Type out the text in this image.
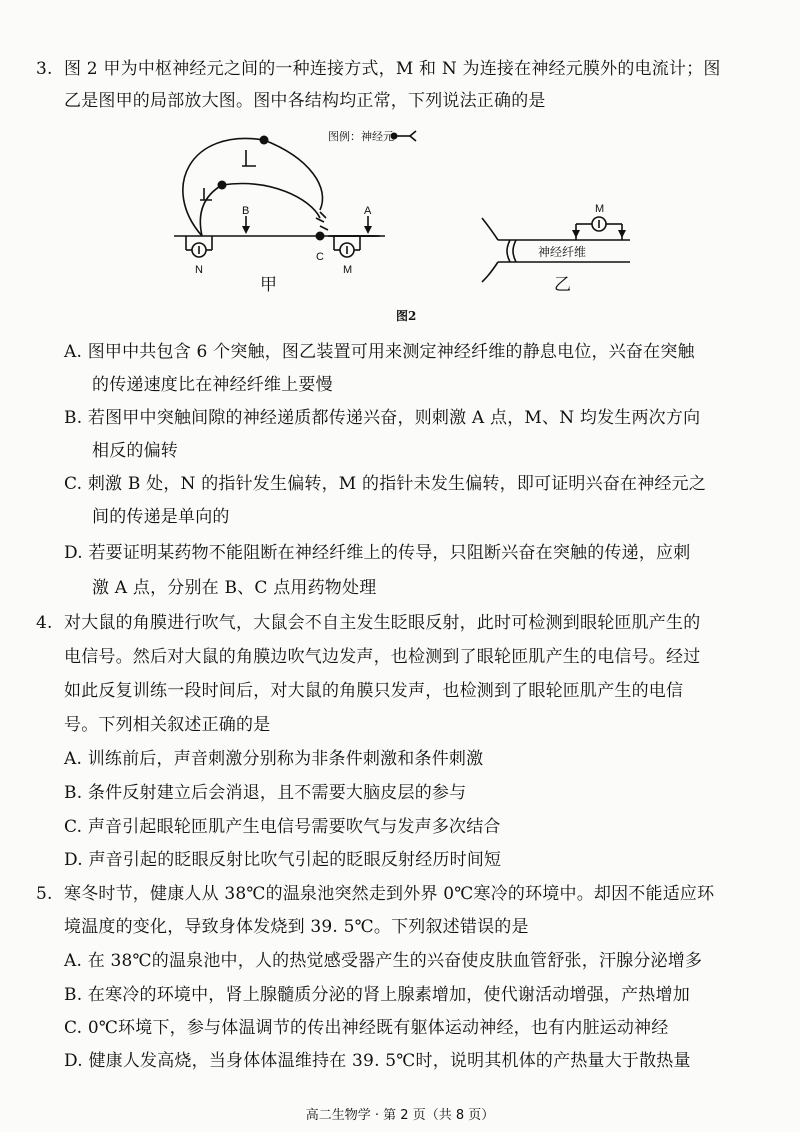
3. 图 2 甲为中枢神经元之间的一种连接方式，M 和 N 为连接在神经元膜外的电流计；图
乙是图甲的局部放大图。图中各结构均正常，下列说法正确的是
图例：神经元
B	A
C
N	M
M
神经纤维
甲	乙
图2
A. 图甲中共包含 6 个突触，图乙装置可用来测定神经纤维的静息电位，兴奋在突触
的传递速度比在神经纤维上要慢
B. 若图甲中突触间隙的神经递质都传递兴奋，则刺激 A 点，M、N 均发生两次方向
相反的偏转
C. 刺激 B 处，N 的指针发生偏转，M 的指针未发生偏转，即可证明兴奋在神经元之
间的传递是单向的
D. 若要证明某药物不能阻断在神经纤维上的传导，只阻断兴奋在突触的传递，应刺
激 A 点，分别在 B、C 点用药物处理
4. 对大鼠的角膜进行吹气，大鼠会不自主发生眨眼反射，此时可检测到眼轮匝肌产生的
电信号。然后对大鼠的角膜边吹气边发声，也检测到了眼轮匝肌产生的电信号。经过
如此反复训练一段时间后，对大鼠的角膜只发声，也检测到了眼轮匝肌产生的电信
号。下列相关叙述正确的是
A. 训练前后，声音刺激分别称为非条件刺激和条件刺激
B. 条件反射建立后会消退，且不需要大脑皮层的参与
C. 声音引起眼轮匝肌产生电信号需要吹气与发声多次结合
D. 声音引起的眨眼反射比吹气引起的眨眼反射经历时间短
5. 寒冬时节，健康人从 38℃的温泉池突然走到外界 0℃寒冷的环境中。却因不能适应环
境温度的变化，导致身体发烧到 39. 5℃。下列叙述错误的是
A. 在 38℃的温泉池中，人的热觉感受器产生的兴奋使皮肤血管舒张，汗腺分泌增多
B. 在寒冷的环境中，肾上腺髓质分泌的肾上腺素增加，使代谢活动增强，产热增加
C. 0℃环境下，参与体温调节的传出神经既有躯体运动神经，也有内脏运动神经
D. 健康人发高烧，当身体体温维持在 39. 5℃时，说明其机体的产热量大于散热量
高二生物学 · 第 2 页（共 8 页）
